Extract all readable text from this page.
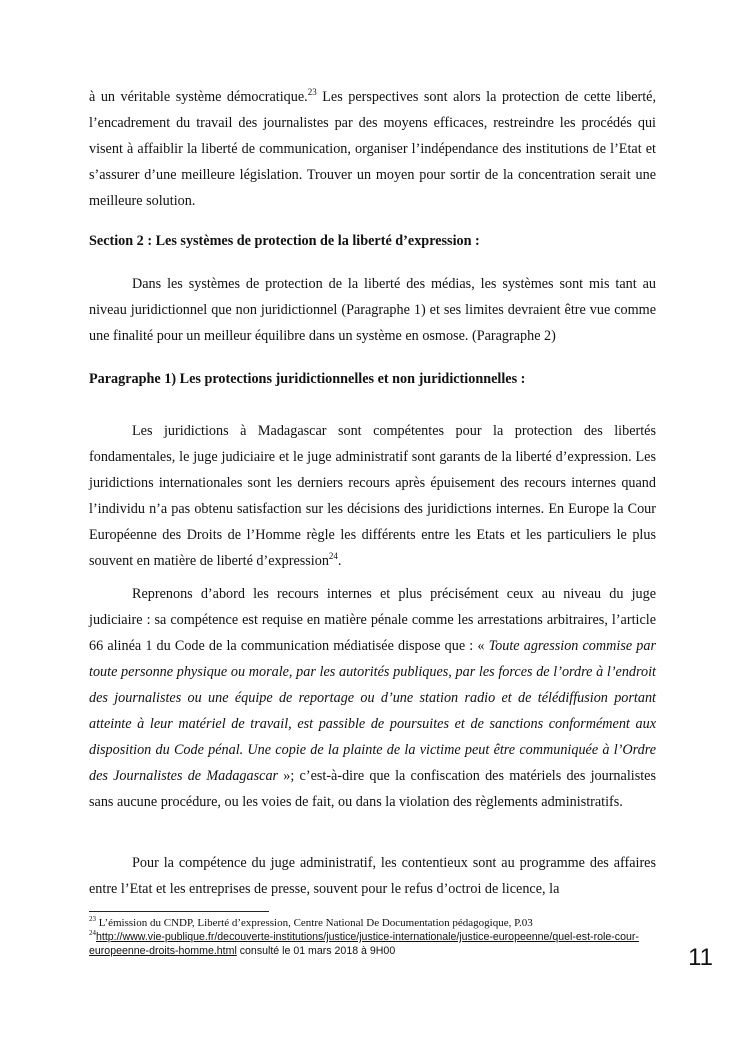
à un véritable système démocratique.$^{23}$ Les perspectives sont alors la protection de cette liberté, l’encadrement du travail des journalistes par des moyens efficaces, restreindre les procédés qui visent à affaiblir la liberté de communication, organiser l’indépendance des institutions de l’Etat et s’assurer d’une meilleure législation. Trouver un moyen pour sortir de la concentration serait une meilleure solution.

Section 2 : Les systèmes de protection de la liberté d’expression :

Dans les systèmes de protection de la liberté des médias, les systèmes sont mis tant au niveau juridictionnel que non juridictionnel (Paragraphe 1) et ses limites devraient être vue comme une finalité pour un meilleur équilibre dans un système en osmose. (Paragraphe 2)

Paragraphe 1) Les protections juridictionnelles et non juridictionnelles :

Les juridictions à Madagascar sont compétentes pour la protection des libertés fondamentales, le juge judiciaire et le juge administratif sont garants de la liberté d’expression. Les juridictions internationales sont les derniers recours après épuisement des recours internes quand l’individu n’a pas obtenu satisfaction sur les décisions des juridictions internes. En Europe la Cour Européenne des Droits de l’Homme règle les différents entre les Etats et les particuliers le plus souvent en matière de liberté d’expression$^{24}$.

Reprenons d’abord les recours internes et plus précisément ceux au niveau du juge judiciaire : sa compétence est requise en matière pénale comme les arrestations arbitraires, l’article 66 alinéa 1 du Code de la communication médiatisée dispose que : « Toute agression commise par toute personne physique ou morale, par les autorités publiques, par les forces de l’ordre à l’endroit des journalistes ou une équipe de reportage ou d’une station radio et de télédiffusion portant atteinte à leur matériel de travail, est passible de poursuites et de sanctions conformément aux disposition du Code pénal. Une copie de la plainte de la victime peut être communiquée à l’Ordre des Journalistes de Madagascar »; c’est-à-dire que la confiscation des matériels des journalistes sans aucune procédure, ou les voies de fait, ou dans la violation des règlements administratifs.

Pour la compétence du juge administratif, les contentieux sont au programme des affaires entre l’Etat et les entreprises de presse, souvent pour le refus d’octroi de licence, la

$^{23}$ L’émission du CNDP, Liberté d’expression, Centre National De Documentation pédagogique, P.03

$^{24}$http://www.vie-publique.fr/decouverte-institutions/justice/justice-internationale/justice-europeenne/quel-est-role-cour-europeenne-droits-homme.html consulté le 01 mars 2018 à 9H00	11
